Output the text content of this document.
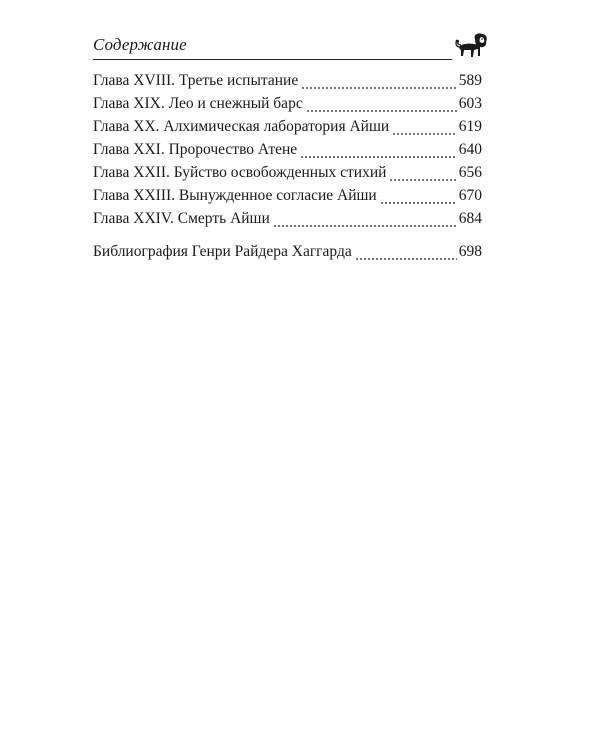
Содержание
Глава XVIII. Третье испытание	589
Глава XIX. Лео и снежный барс	603
Глава XX. Алхимическая лаборатория Айши	619
Глава XXI. Пророчество Атене	640
Глава XXII. Буйство освобожденных стихий	656
Глава XXIII. Вынужденное согласие Айши	670
Глава XXIV. Смерть Айши	684
Библиография Генри Райдера Хаггарда	698
